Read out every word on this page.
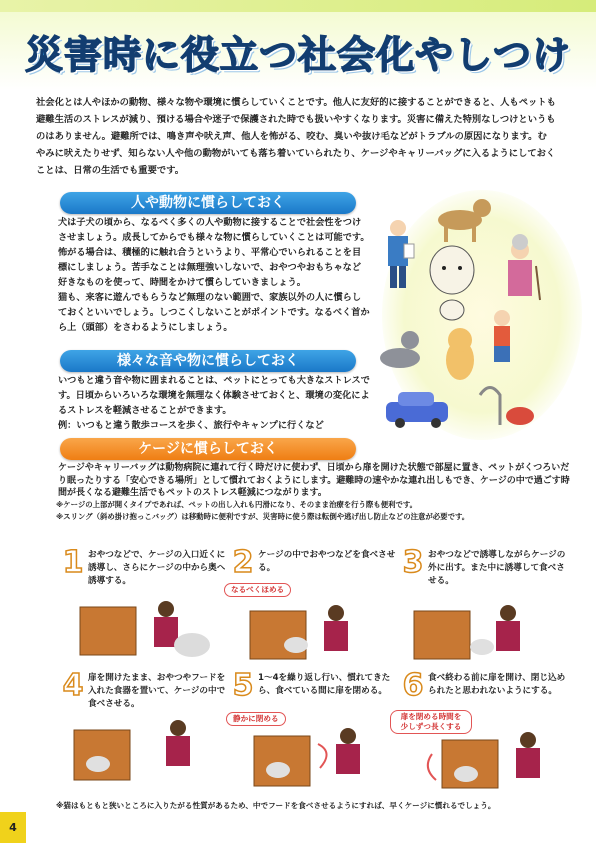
災害時に役立つ社会化やしつけ
社会化とは人やほかの動物、様々な物や環境に慣らしていくことです。他人に友好的に接することができると、人もペットも避難生活のストレスが減り、預ける場合や迷子で保護された時でも扱いやすくなります。災害に備えた特別なしつけというものはありません。避難所では、鳴き声や吠え声、他人を怖がる、咬む、臭いや抜け毛などがトラブルの原因になります。むやみに吠えたりせず、知らない人や他の動物がいても落ち着いていられたり、ケージやキャリーバッグに入るようにしておくことは、日常の生活でも重要です。
人や動物に慣らしておく
犬は子犬の頃から、なるべく多くの人や動物に接することで社会性をつけさせましょう。成長してからでも様々な物に慣らしていくことは可能です。怖がる場合は、積極的に触れ合うというより、平常心でいられることを目標にしましょう。苦手なことは無理強いしないで、おやつやおもちゃなど好きなものを使って、時間をかけて慣らしていきましょう。
猫も、来客に遊んでもらうなど無理のない範囲で、家族以外の人に慣らしておくといいでしょう。しつこくしないことがポイントです。なるべく首から上（頭部）をさわるようにしましょう。
様々な音や物に慣らしておく
いつもと違う音や物に囲まれることは、ペットにとっても大きなストレスです。日頃からいろいろな環境を無理なく体験させておくと、環境の変化によるストレスを軽減させることができます。
例：いつもと違う散歩コースを歩く、旅行やキャンプに行くなど
ケージに慣らしておく
ケージやキャリーバッグは動物病院に連れて行く時だけに使わず、日頃から扉を開けた状態で部屋に置き、ペットがくつろいだり眠ったりする「安心できる場所」として慣れておくようにします。避難時の速やかな連れ出しもでき、ケージの中で過ごす時間が長くなる避難生活でもペットのストレス軽減につながります。
※ケージの上部が開くタイプであれば、ペットの出し入れも円滑になり、そのまま治療を行う際も便利です。
※スリング（斜め掛け抱っこバッグ）は移動時に便利ですが、災害時に使う際は転倒や逃げ出し防止などの注意が必要です。
1 おやつなどで、ケージの入口近くに誘導し、さらにケージの中から奥へ誘導する。
2 ケージの中でおやつなどを食べさせる。
なるべくほめる
3 おやつなどで誘導しながらケージの外に出す。また中に誘導して食べさせる。
4 扉を開けたまま、おやつやフードを入れた食器を置いて、ケージの中で食べさせる。
5 1～4を繰り返し行い、慣れてきたら、食べている間に扉を閉める。
静かに閉める
6 食べ終わる前に扉を開け、閉じ込められたと思われないようにする。
扉を閉める時間を少しずつ長くする
※猫はもともと狭いところに入りたがる性質があるため、中でフードを食べさせるようにすれば、早くケージに慣れるでしょう。
4
